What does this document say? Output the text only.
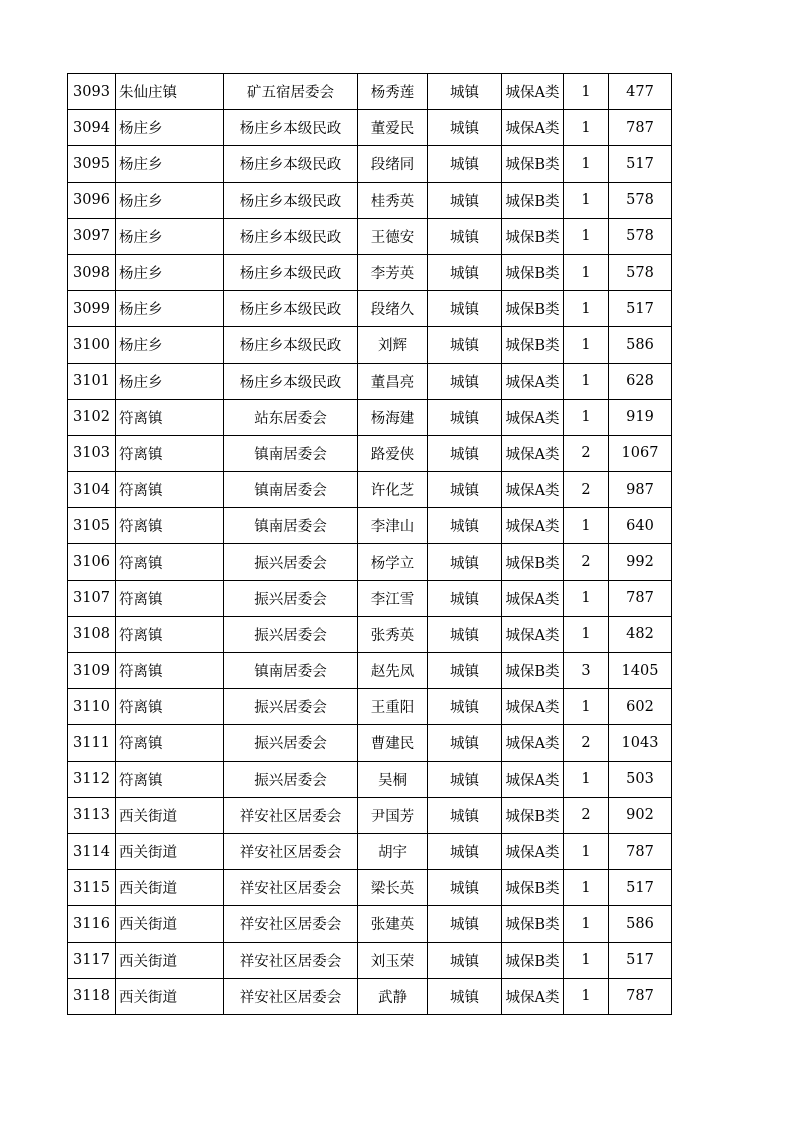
3093	朱仙庄镇	矿五宿居委会	杨秀莲	城镇	城保A类	1	477
3094	杨庄乡	杨庄乡本级民政	董爱民	城镇	城保A类	1	787
3095	杨庄乡	杨庄乡本级民政	段绪同	城镇	城保B类	1	517
3096	杨庄乡	杨庄乡本级民政	桂秀英	城镇	城保B类	1	578
3097	杨庄乡	杨庄乡本级民政	王德安	城镇	城保B类	1	578
3098	杨庄乡	杨庄乡本级民政	李芳英	城镇	城保B类	1	578
3099	杨庄乡	杨庄乡本级民政	段绪久	城镇	城保B类	1	517
3100	杨庄乡	杨庄乡本级民政	刘辉	城镇	城保B类	1	586
3101	杨庄乡	杨庄乡本级民政	董昌亮	城镇	城保A类	1	628
3102	符离镇	站东居委会	杨海建	城镇	城保A类	1	919
3103	符离镇	镇南居委会	路爱侠	城镇	城保A类	2	1067
3104	符离镇	镇南居委会	许化芝	城镇	城保A类	2	987
3105	符离镇	镇南居委会	李津山	城镇	城保A类	1	640
3106	符离镇	振兴居委会	杨学立	城镇	城保B类	2	992
3107	符离镇	振兴居委会	李江雪	城镇	城保A类	1	787
3108	符离镇	振兴居委会	张秀英	城镇	城保A类	1	482
3109	符离镇	镇南居委会	赵先凤	城镇	城保B类	3	1405
3110	符离镇	振兴居委会	王重阳	城镇	城保A类	1	602
3111	符离镇	振兴居委会	曹建民	城镇	城保A类	2	1043
3112	符离镇	振兴居委会	吴桐	城镇	城保A类	1	503
3113	西关街道	祥安社区居委会	尹国芳	城镇	城保B类	2	902
3114	西关街道	祥安社区居委会	胡宇	城镇	城保A类	1	787
3115	西关街道	祥安社区居委会	梁长英	城镇	城保B类	1	517
3116	西关街道	祥安社区居委会	张建英	城镇	城保B类	1	586
3117	西关街道	祥安社区居委会	刘玉荣	城镇	城保B类	1	517
3118	西关街道	祥安社区居委会	武静	城镇	城保A类	1	787
